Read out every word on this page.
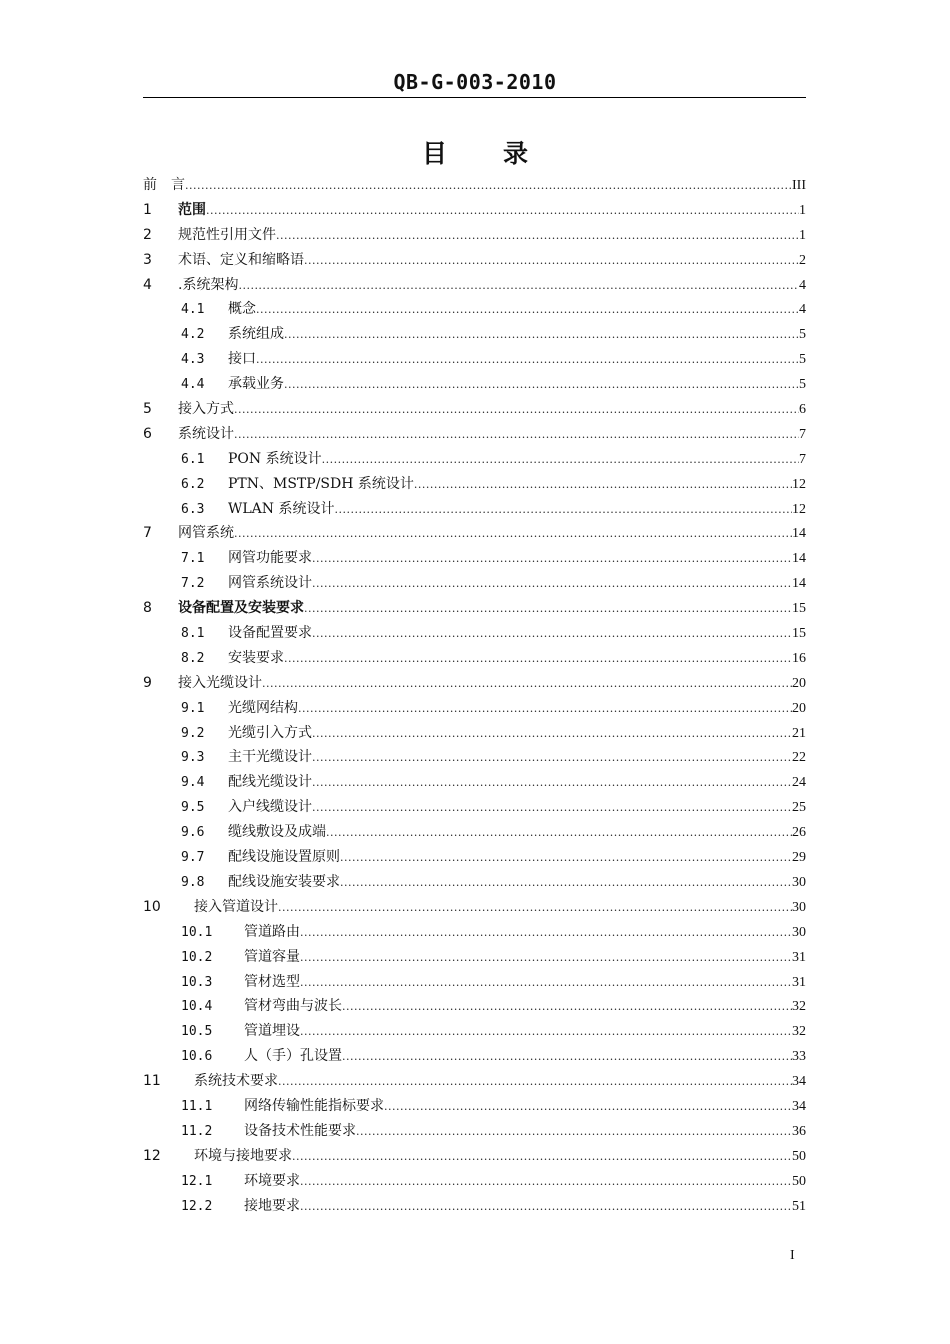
QB-G-003-2010
目 录
前　言 .....	III
1	范围 .....	1
2	规范性引用文件 .....	1
3	术语、定义和缩略语 .....	2
4	.系统架构 .....	4
4.1	概念 .....	4
4.2	系统组成 .....	5
4.3	接口 .....	5
4.4	承载业务 .....	5
5	接入方式 .....	6
6	系统设计 .....	7
6.1	PON 系统设计 .....	7
6.2	PTN、MSTP/SDH 系统设计 .....	12
6.3	WLAN 系统设计 .....	12
7	网管系统 .....	14
7.1	网管功能要求 .....	14
7.2	网管系统设计 .....	14
8	设备配置及安装要求 .....	15
8.1	设备配置要求 .....	15
8.2	安装要求 .....	16
9	接入光缆设计 .....	20
9.1	光缆网结构 .....	20
9.2	光缆引入方式 .....	21
9.3	主干光缆设计 .....	22
9.4	配线光缆设计 .....	24
9.5	入户线缆设计 .....	25
9.6	缆线敷设及成端 .....	26
9.7	配线设施设置原则 .....	29
9.8	配线设施安装要求 .....	30
10	接入管道设计 .....	30
10.1	管道路由 .....	30
10.2	管道容量 .....	31
10.3	管材选型 .....	31
10.4	管材弯曲与波长 .....	32
10.5	管道埋设 .....	32
10.6	人（手）孔设置 .....	33
11	系统技术要求 .....	34
11.1	网络传输性能指标要求 .....	34
11.2	设备技术性能要求 .....	36
12	环境与接地要求 .....	50
12.1	环境要求 .....	50
12.2	接地要求 .....	51
I
